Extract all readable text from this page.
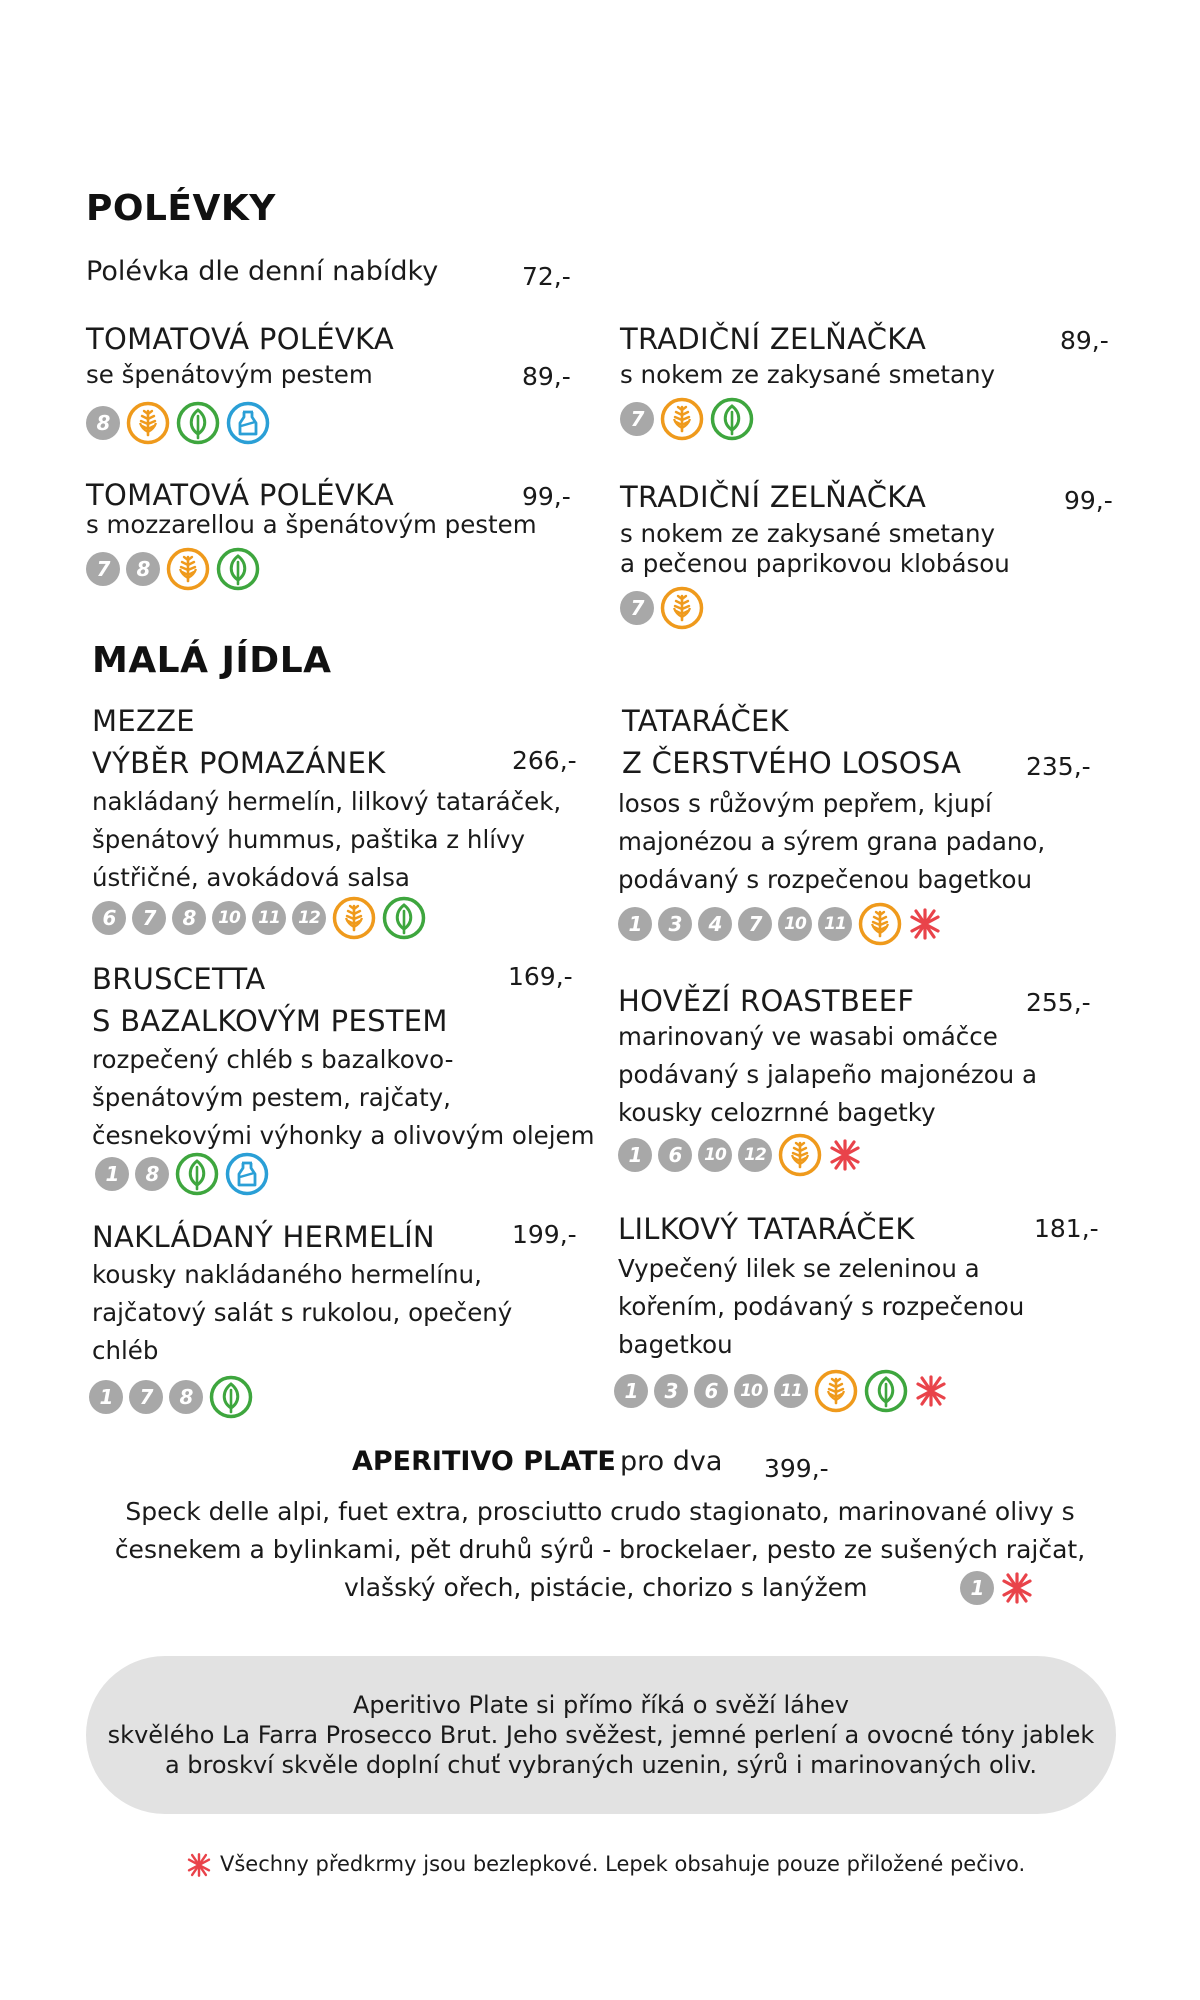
POLÉVKY
Polévka dle denní nabídky	72,-
TOMATOVÁ POLÉVKA
se špenátovým pestem	89,-
8
TOMATOVÁ POLÉVKA	99,-
s mozzarellou a špenátovým pestem
7	8
TRADIČNÍ ZELŇAČKA	89,-
s nokem ze zakysané smetany
7
TRADIČNÍ ZELŇAČKA	99,-
s nokem ze zakysané smetany
a pečenou paprikovou klobásou
7
MALÁ JÍDLA
MEZZE
VÝBĚR POMAZÁNEK	266,-
nakládaný hermelín, lilkový tataráček,
špenátový hummus, paštika z hlívy
ústřičné, avokádová salsa
6	7	8	10	11	12
BRUSCETTA	169,-
S BAZALKOVÝM PESTEM
rozpečený chléb s bazalkovo-
špenátovým pestem, rajčaty,
česnekovými výhonky a olivovým olejem
1	8
NAKLÁDANÝ HERMELÍN	199,-
kousky nakládaného hermelínu,
rajčatový salát s rukolou, opečený
chléb
1	7	8
TATARÁČEK
Z ČERSTVÉHO LOSOSA	235,-
losos s růžovým pepřem, kjupí
majonézou a sýrem grana padano,
podávaný s rozpečenou bagetkou
1	3	4	7	10	11
HOVĚZÍ ROASTBEEF	255,-
marinovaný ve wasabi omáčce
podávaný s jalapeño majonézou a
kousky celozrnné bagetky
1	6	10	12
LILKOVÝ TATARÁČEK	181,-
Vypečený lilek se zeleninou a
kořením, podávaný s rozpečenou
bagetkou
1	3	6	10	11
APERITIVO PLATE pro dva 399,-
Speck delle alpi, fuet extra, prosciutto crudo stagionato, marinované olivy s
česnekem a bylinkami, pět druhů sýrů - brockelaer, pesto ze sušených rajčat,
vlašský ořech, pistácie, chorizo s lanýžem	1
Aperitivo Plate si přímo říká o svěží láhev
skvělého La Farra Prosecco Brut. Jeho svěžest, jemné perlení a ovocné tóny jablek
a broskví skvěle doplní chuť vybraných uzenin, sýrů i marinovaných oliv.
Všechny předkrmy jsou bezlepkové. Lepek obsahuje pouze přiložené pečivo.
